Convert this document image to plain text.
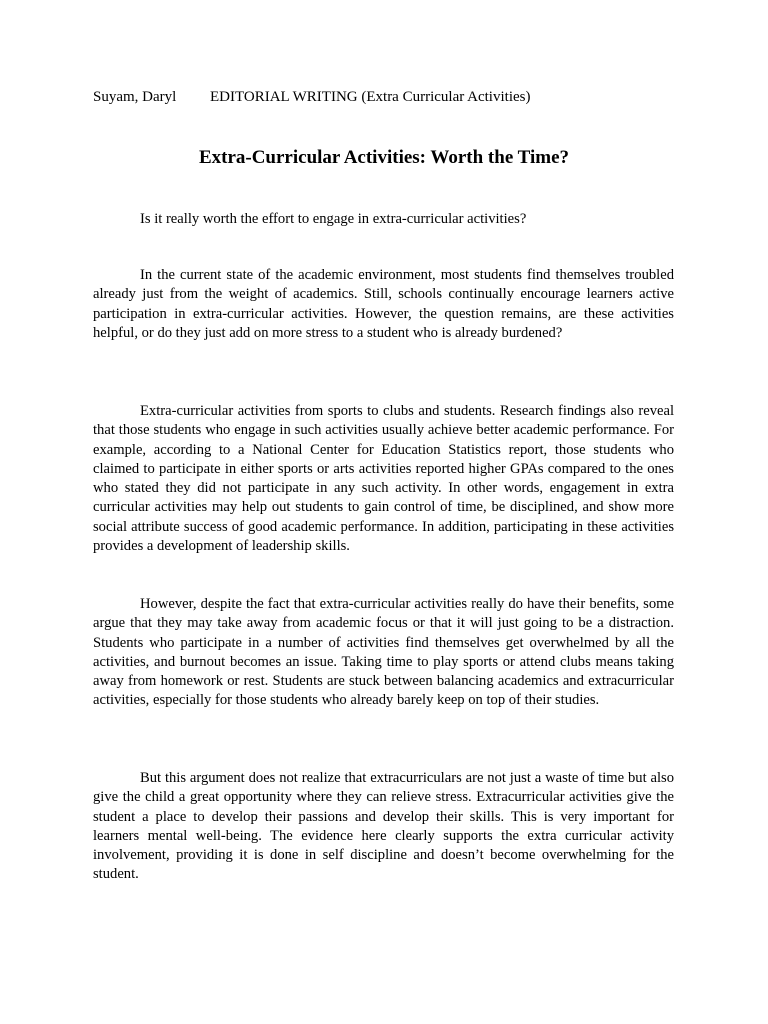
Suyam, Daryl EDITORIAL WRITING (Extra Curricular Activities)
Extra-Curricular Activities: Worth the Time?
Is it really worth the effort to engage in extra-curricular activities?

In the current state of the academic environment, most students find themselves troubled already just from the weight of academics. Still, schools continually encourage learners active participation in extra-curricular activities. However, the question remains, are these activities helpful, or do they just add on more stress to a student who is already burdened?

Extra-curricular activities from sports to clubs and students. Research findings also reveal that those students who engage in such activities usually achieve better academic performance. For example, according to a National Center for Education Statistics report, those students who claimed to participate in either sports or arts activities reported higher GPAs compared to the ones who stated they did not participate in any such activity. In other words, engagement in extra curricular activities may help out students to gain control of time, be disciplined, and show more social attribute success of good academic performance. In addition, participating in these activities provides a development of leadership skills.

However, despite the fact that extra-curricular activities really do have their benefits, some argue that they may take away from academic focus or that it will just going to be a distraction. Students who participate in a number of activities find themselves get overwhelmed by all the activities, and burnout becomes an issue. Taking time to play sports or attend clubs means taking away from homework or rest. Students are stuck between balancing academics and extracurricular activities, especially for those students who already barely keep on top of their studies.

But this argument does not realize that extracurriculars are not just a waste of time but also give the child a great opportunity where they can relieve stress. Extracurricular activities give the student a place to develop their passions and develop their skills. This is very important for learners mental well-being. The evidence here clearly supports the extra curricular activity involvement, providing it is done in self discipline and doesn’t become overwhelming for the student.
